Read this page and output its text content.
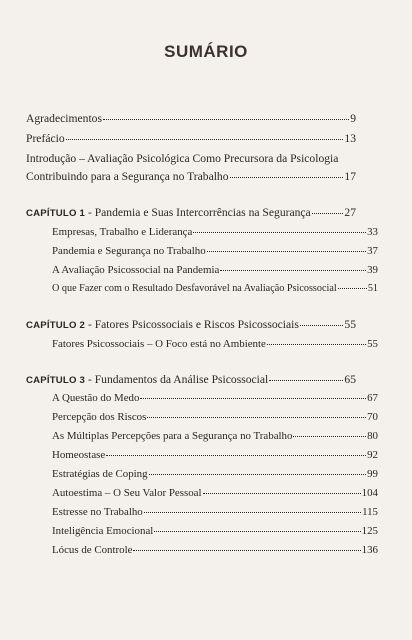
SUMÁRIO
Agradecimentos	9
Prefácio	13
Introdução – Avaliação Psicológica Como Precursora da Psicologia
Contribuindo para a Segurança no Trabalho	17
CAPÍTULO 1 - Pandemia e Suas Intercorrências na Segurança	27
Empresas, Trabalho e Liderança	33
Pandemia e Segurança no Trabalho	37
A Avaliação Psicossocial na Pandemia	39
O que Fazer com o Resultado Desfavorável na Avaliação Psicossocial	51
CAPÍTULO 2 - Fatores Psicossociais e Riscos Psicossociais	55
Fatores Psicossociais – O Foco está no Ambiente	55
CAPÍTULO 3 - Fundamentos da Análise Psicossocial	65
A Questão do Medo	67
Percepção dos Riscos	70
As Múltiplas Percepções para a Segurança no Trabalho	80
Homeostase	92
Estratégias de Coping	99
Autoestima – O Seu Valor Pessoal	104
Estresse no Trabalho	115
Inteligência Emocional	125
Lócus de Controle	136
